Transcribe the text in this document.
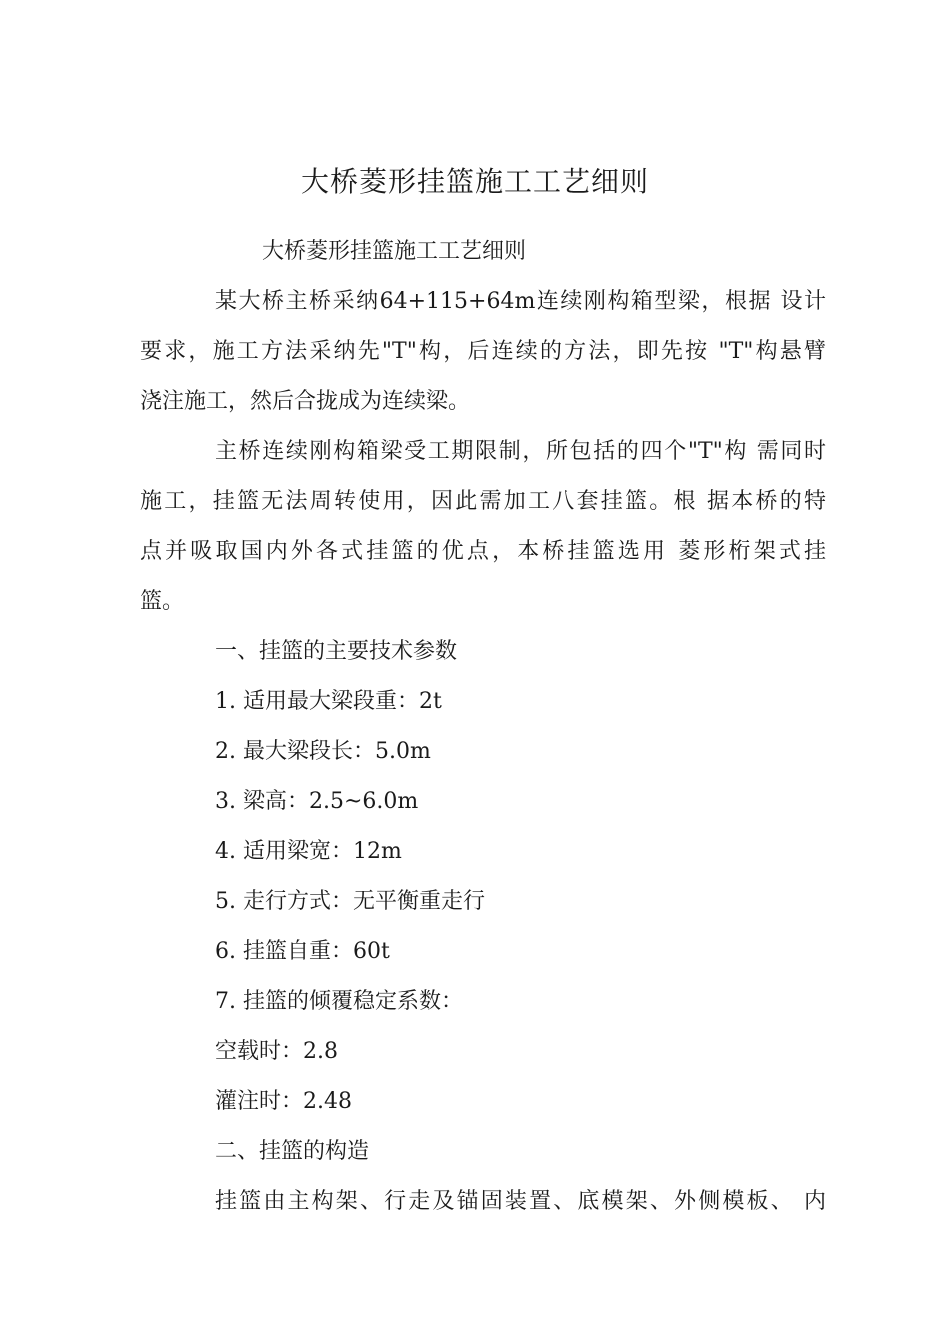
大桥菱形挂篮施工工艺细则

大桥菱形挂篮施工工艺细则

某大桥主桥采纳64+115+64m连续刚构箱型梁，根据 设计

要求，施工方法采纳先"T"构，后连续的方法，即先按 "T"构悬臂

浇注施工，然后合拢成为连续梁。

主桥连续刚构箱梁受工期限制，所包括的四个"T"构 需同时

施工，挂篮无法周转使用，因此需加工八套挂篮。根 据本桥的特

点并吸取国内外各式挂篮的优点，本桥挂篮选用 菱形桁架式挂

篮。

一、挂篮的主要技术参数

1. 适用最大梁段重：2t

2. 最大梁段长：5.0m

3. 梁高：2.5~6.0m

4. 适用梁宽：12m

5. 走行方式：无平衡重走行

6. 挂篮自重：60t

7. 挂篮的倾覆稳定系数：

空载时：2.8

灌注时：2.48

二、挂篮的构造

挂篮由主构架、行走及锚固装置、底模架、外侧模板、 内
